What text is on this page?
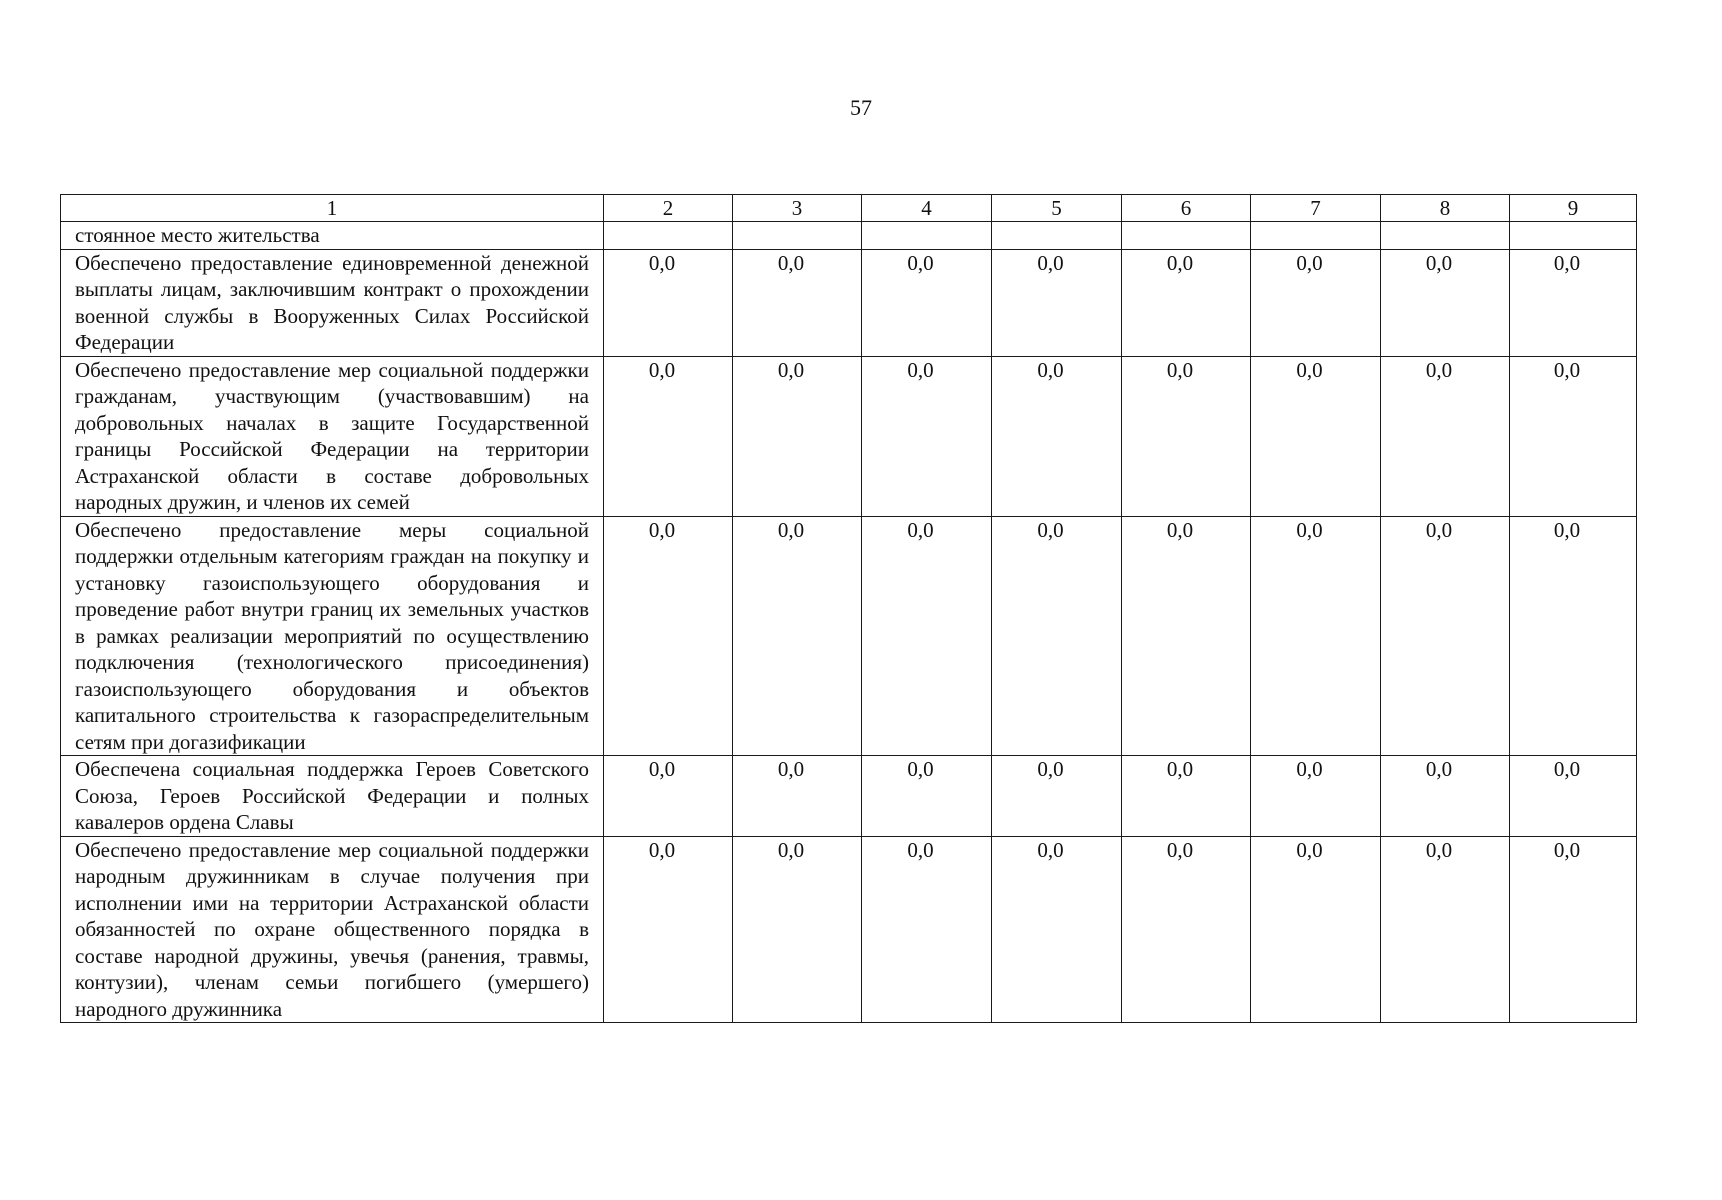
57
1	2	3	4	5	6	7	8	9

стоянное место жительства								

Обеспечено предоставление единовременной денежной выплаты лицам, заключившим контракт о прохождении военной службы в Вооруженных Силах Российской Федерации	0,0	0,0	0,0	0,0	0,0	0,0	0,0	0,0

Обеспечено предоставление мер социальной поддержки гражданам, участвующим (участвовавшим) на добровольных началах в защите Государственной границы Российской Федерации на территории Астраханской области в составе добровольных народных дружин, и членов их семей	0,0	0,0	0,0	0,0	0,0	0,0	0,0	0,0

Обеспечено предоставление меры социальной поддержки отдельным категориям граждан на покупку и установку газоиспользующего оборудования и проведение работ внутри границ их земельных участков в рамках реализации мероприятий по осуществлению подключения (технологического присоединения) газоиспользующего оборудования и объектов капитального строительства к газораспределительным сетям при догазификации	0,0	0,0	0,0	0,0	0,0	0,0	0,0	0,0

Обеспечена социальная поддержка Героев Советского Союза, Героев Российской Федерации и полных кавалеров ордена Славы	0,0	0,0	0,0	0,0	0,0	0,0	0,0	0,0

Обеспечено предоставление мер социальной поддержки народным дружинникам в случае получения при исполнении ими на территории Астраханской области обязанностей по охране общественного порядка в составе народной дружины, увечья (ранения, травмы, контузии), членам семьи погибшего (умершего) народного дружинника	0,0	0,0	0,0	0,0	0,0	0,0	0,0	0,0
